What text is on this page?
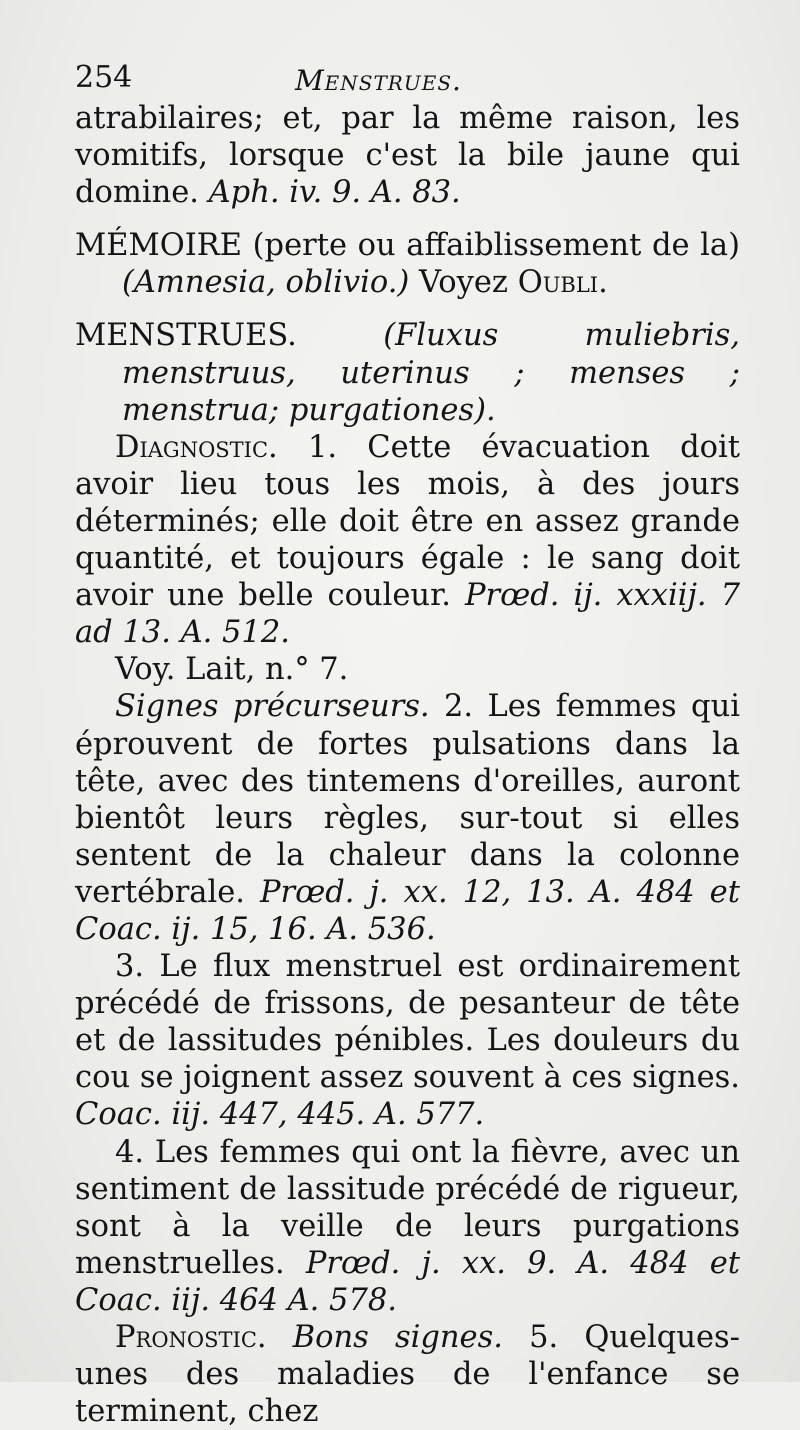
254	Menstrues.

atrabilaires; et, par la même raison, les vomitifs, lorsque c'est la bile jaune qui domine. Aph. iv. 9. A. 83.

MÉMOIRE (perte ou affaiblissement de la) (Amnesia, oblivio.) Voyez Oubli.

MENSTRUES.	(Fluxus muliebris, menstruus, uterinus ; menses ; menstrua; purgationes).

Diagnostic. 1. Cette évacuation doit avoir lieu tous les mois, à des jours déterminés; elle doit être en assez grande quantité, et toujours égale : le sang doit avoir une belle couleur. Prœd. ij. xxxiij. 7 ad 13. A. 512.

Voy. Lait, n.° 7.

Signes précurseurs. 2. Les femmes qui éprouvent de fortes pulsations dans la tête, avec des tintemens d'oreilles, auront bientôt leurs règles, sur-tout si elles sentent de la chaleur dans la colonne vertébrale. Prœd. j. xx. 12, 13. A. 484 et Coac. ij. 15, 16. A. 536.

3. Le flux menstruel est ordinairement précédé de frissons, de pesanteur de tête et de lassitudes pénibles. Les douleurs du cou se joignent assez souvent à ces signes. Coac. iij. 447, 445. A. 577.

4. Les femmes qui ont la fièvre, avec un sentiment de lassitude précédé de rigueur, sont à la veille de leurs purgations menstruelles. Prœd. j. xx. 9. A. 484 et Coac. iij. 464 A. 578.

Pronostic. Bons signes. 5. Quelques-unes des maladies de l'enfance se terminent, chez
